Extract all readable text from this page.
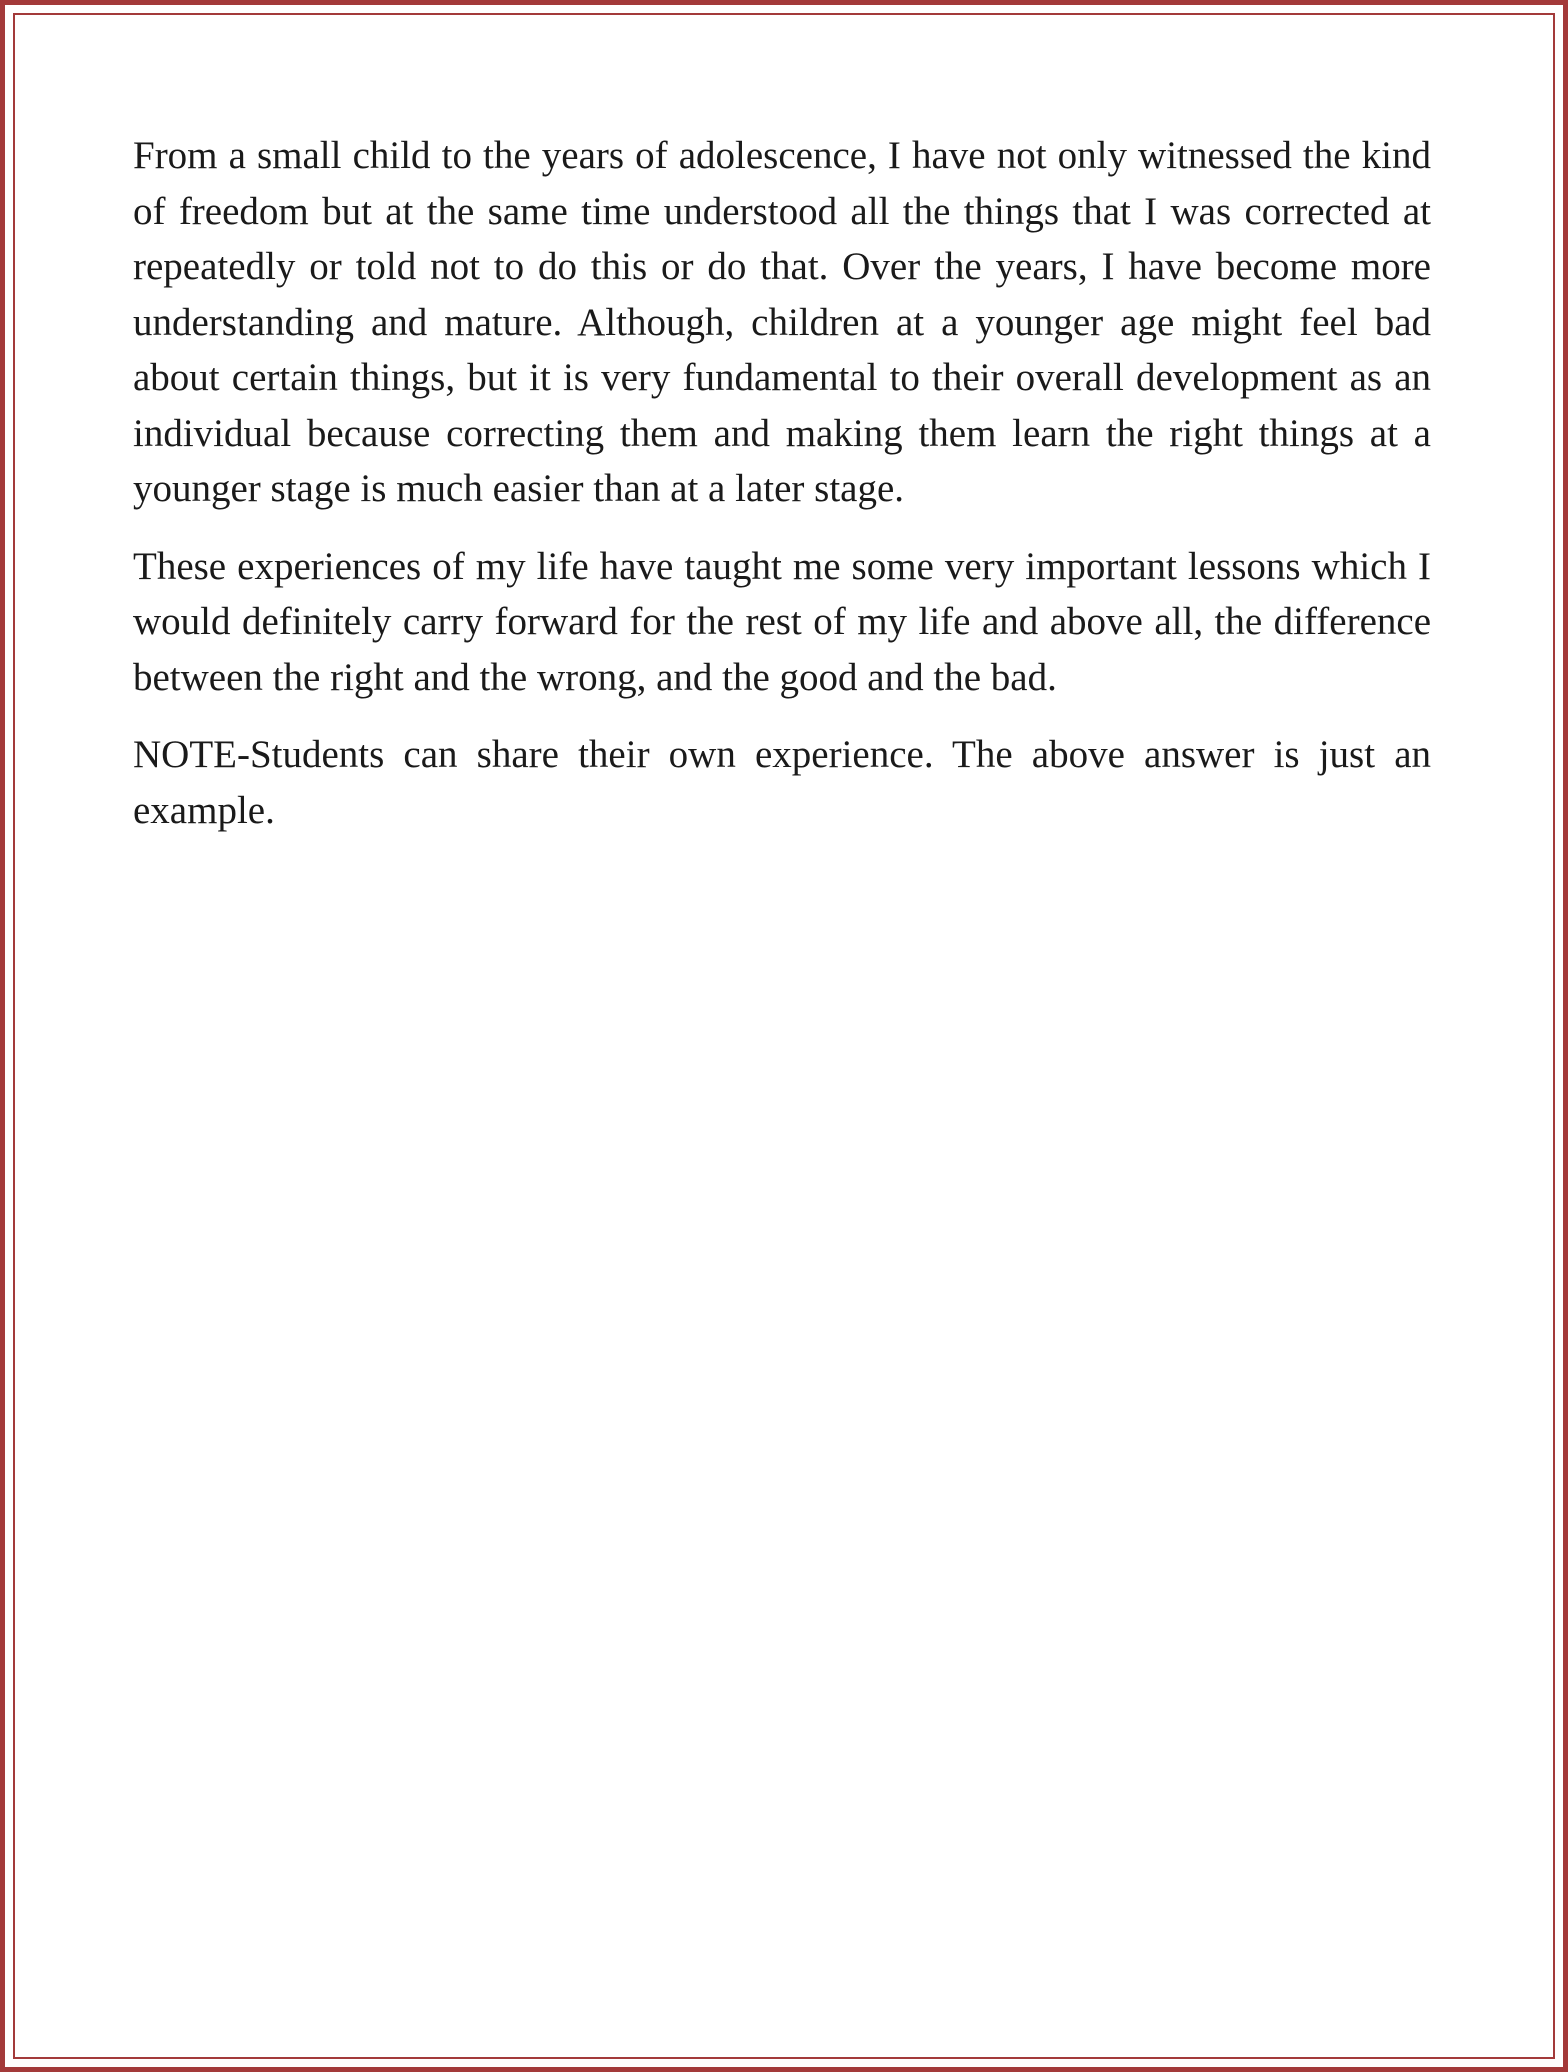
From a small child to the years of adolescence, I have not only witnessed the kind of freedom but at the same time understood all the things that I was corrected at repeatedly or told not to do this or do that. Over the years, I have become more understanding and mature. Although, children at a younger age might feel bad about certain things, but it is very fundamental to their overall development as an individual because correcting them and making them learn the right things at a younger stage is much easier than at a later stage.

These experiences of my life have taught me some very important lessons which I would definitely carry forward for the rest of my life and above all, the difference between the right and the wrong, and the good and the bad.

NOTE-Students can share their own experience. The above answer is just an example.
